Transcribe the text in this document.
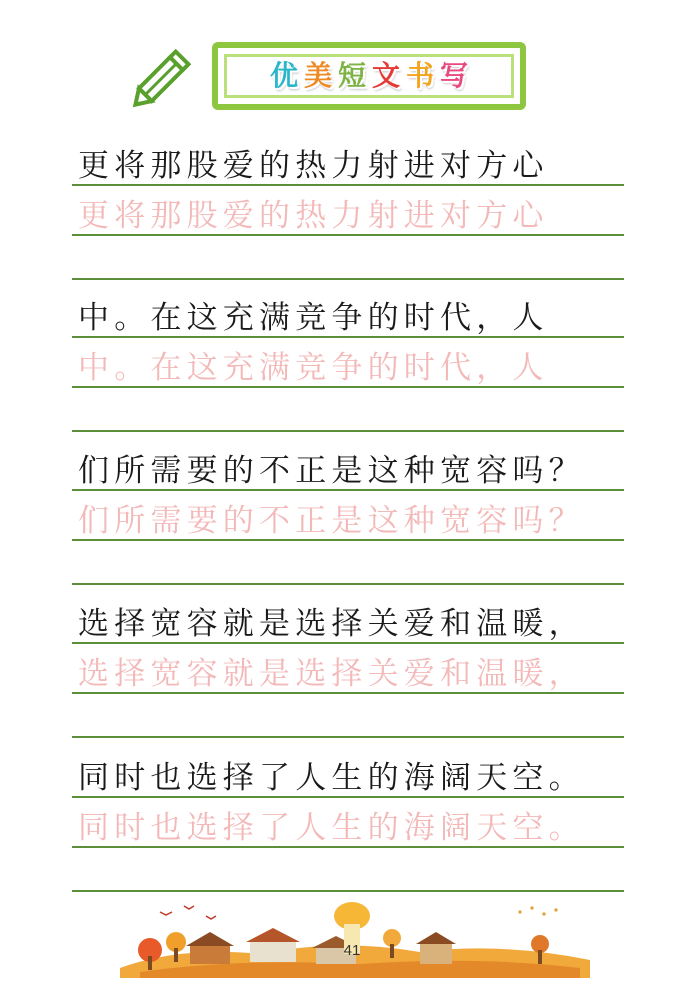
优 美 短 文 书 写
更将那股爱的热力射进对方心
更将那股爱的热力射进对方心
中。在这充满竞争的时代，人
中。在这充满竞争的时代，人
们所需要的不正是这种宽容吗？
们所需要的不正是这种宽容吗？
选择宽容就是选择关爱和温暖，
选择宽容就是选择关爱和温暖，
同时也选择了人生的海阔天空。
同时也选择了人生的海阔天空。
41
